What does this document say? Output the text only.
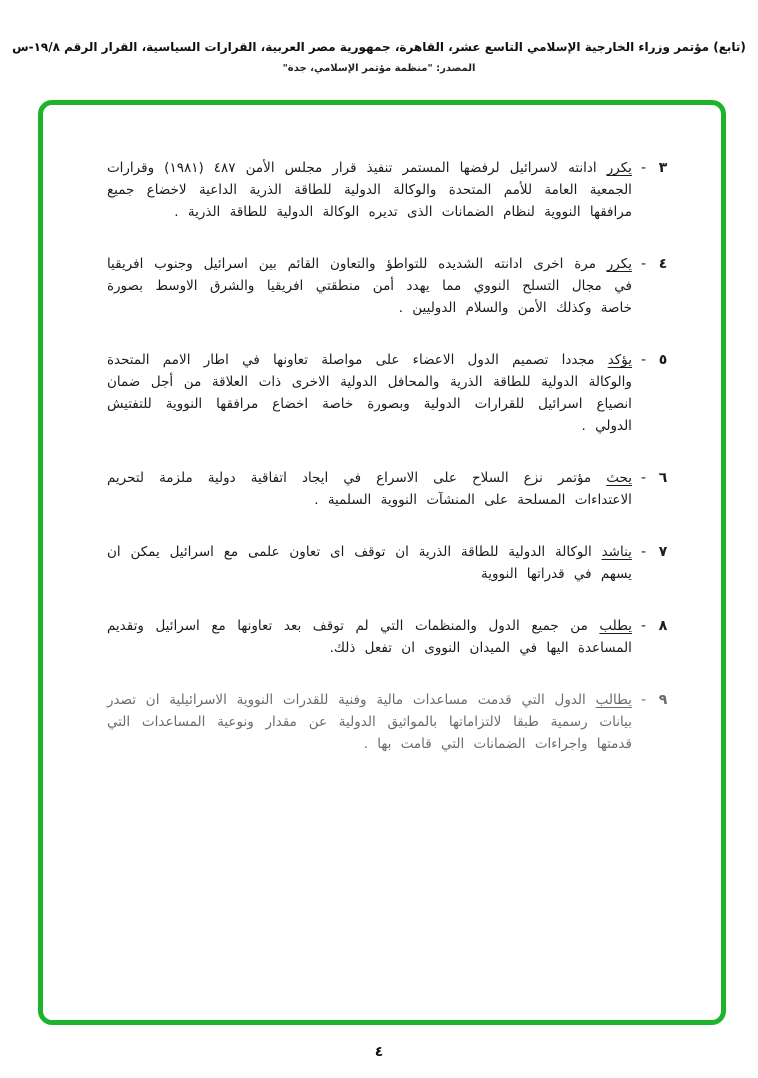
(تابع) مؤتمر وزراء الخارجية الإسلامي التاسع عشر، القاهرة، جمهورية مصر العربية، القرارات السياسية، القرار الرقم ١٩/٨-س
المصدر: "منظمة مؤتمر الإسلامي، جدة"
٣
-
يكرر ادانته لاسرائيل لرفضها المستمر تنفيذ قرار مجلس الأمن ٤٨٧ (١٩٨١) وقرارات الجمعية العامة للأمم المتحدة والوكالة الدولية للطاقة الذرية الداعية لاخضاع جميع مرافقها النووية لنظام الضمانات الذى تديره الوكالة الدولية للطاقة الذرية .
٤
-
يكرر مرة اخرى ادانته الشديده للتواطؤ والتعاون القائم بين اسرائيل وجنوب افريقيا في مجال التسلح النووي مما يهدد أمن منطقتي افريقيا والشرق الاوسط بصورة خاصة وكذلك الأمن والسلام الدوليين .
٥
-
يؤكد مجددا تصميم الدول الاعضاء على مواصلة تعاونها في اطار الامم المتحدة والوكالة الدولية للطاقة الذرية والمحافل الدولية الاخرى ذات العلاقة من أجل ضمان انصياع اسرائيل للقرارات الدولية وبصورة خاصة اخضاع مرافقها النووية للتفتيش الدولي .
٦
-
يحث مؤتمر نزع السلاح على الاسراع في ايجاد اتفاقية دولية ملزمة لتحريم الاعتداءات المسلحة على المنشآت النووية السلمية .
٧
-
يناشد الوكالة الدولية للطاقة الذرية ان توقف اى تعاون علمى مع اسرائيل يمكن ان يسهم في قدراتها النووية
٨
-
يطلب من جميع الدول والمنظمات التي لم توقف بعد تعاونها مع اسرائيل وتقديم المساعدة اليها في الميدان النووى ان تفعل ذلك.
٩
-
يطالب الدول التي قدمت مساعدات مالية وفنية للقدرات النووية الاسرائيلية ان تصدر بيانات رسمية طبقا لالتزاماتها بالمواثيق الدولية عن مقدار ونوعية المساعدات التي قدمتها واجراءات الضمانات التي قامت بها .
٤
